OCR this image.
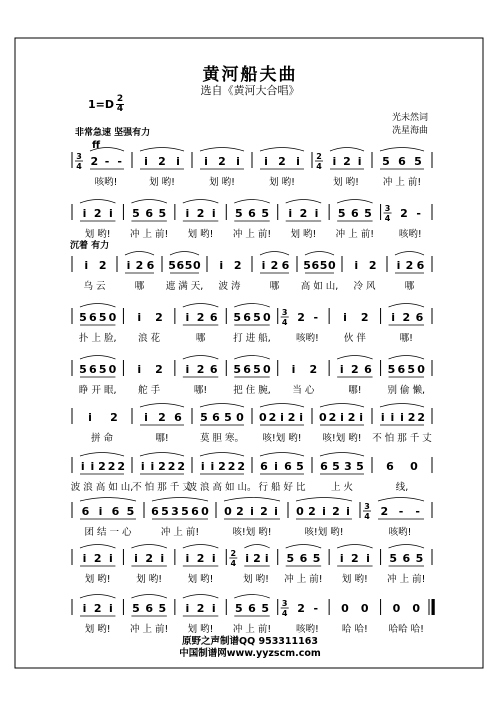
3
4
ff
2 - -
咳哟!
i 2 i
划 哟!
i 2 i
划 哟!
i 2 i
划 哟!
2
4 i 2 i
划 哟!
5 6 5
冲 上 前!
i 2 i
划 哟!
5 6 5
冲 上 前!
i 2 i
划 哟!
5 6 5
冲 上 前!
i 2 i
划 哟!
5 6 5
冲 上 前!
3
4 2 -
咳哟!
沉着 有力
i 2
乌 云
i 2 6
哪
5 6 5 0
遮 满 天,
i 2
波 涛
i 2 6
哪
5 6 5 0
高 如 山,
i 2
冷 风
i 2 6
哪
5 6 5 0
扑 上 脸,
i 2
浪 花
i 2 6
哪
5 6 5 0
打 进 船,
3
4 2 -
咳哟!
i 2
伙 伴
i 2 6
哪!
5 6 5 0
睁 开 眼,
i 2
舵 手
i 2 6
哪!
5 6 5 0
把 住 腕,
i 2
当 心
i 2 6
哪!
5 6 5 0
别 偷 懒,
i 2
拼 命
i 2 6
哪!
5 6 5 0
莫 胆 寒。
0 2 i 2 i
咳!划 哟!
0 2 i 2 i
咳!划 哟!
i i i 2 2
不 怕 那 千 丈
i i 2 2 2
波 浪 高 如 山,
i i 2 2 2
不 怕 那 千 丈
i i 2 2 2
波 浪 高 如 山。
6 i 6 5
行 船 好 比
6 5 3 5
上 火
6 0
线,
6 i 6 5
团 结 一 心
6 5 3 5 6 0
冲 上 前!
0 2 i 2 i
咳!划 哟!
0 2 i 2 i
咳!划 哟!
3
4 2 - -
咳哟!
i 2 i
划 哟!
i 2 i
划 哟!
i 2 i
划 哟!
2
4 i 2 i
划 哟!
5 6 5
冲 上 前!
i 2 i
划 哟!
5 6 5
冲 上 前!
i 2 i
划 哟!
5 6 5
冲 上 前!
i 2 i
划 哟!
5 6 5
冲 上 前!
3
4 2 -
咳哟!
0 0
哈 哈!
0 0
哈哈 哈!
黄河船夫曲
选自《黄河大合唱》
1=D 2
4
光未然词
冼星海曲
非常急速 坚强有力
原野之声制谱QQ 953311163
中国制谱网www.yyzscm.com
